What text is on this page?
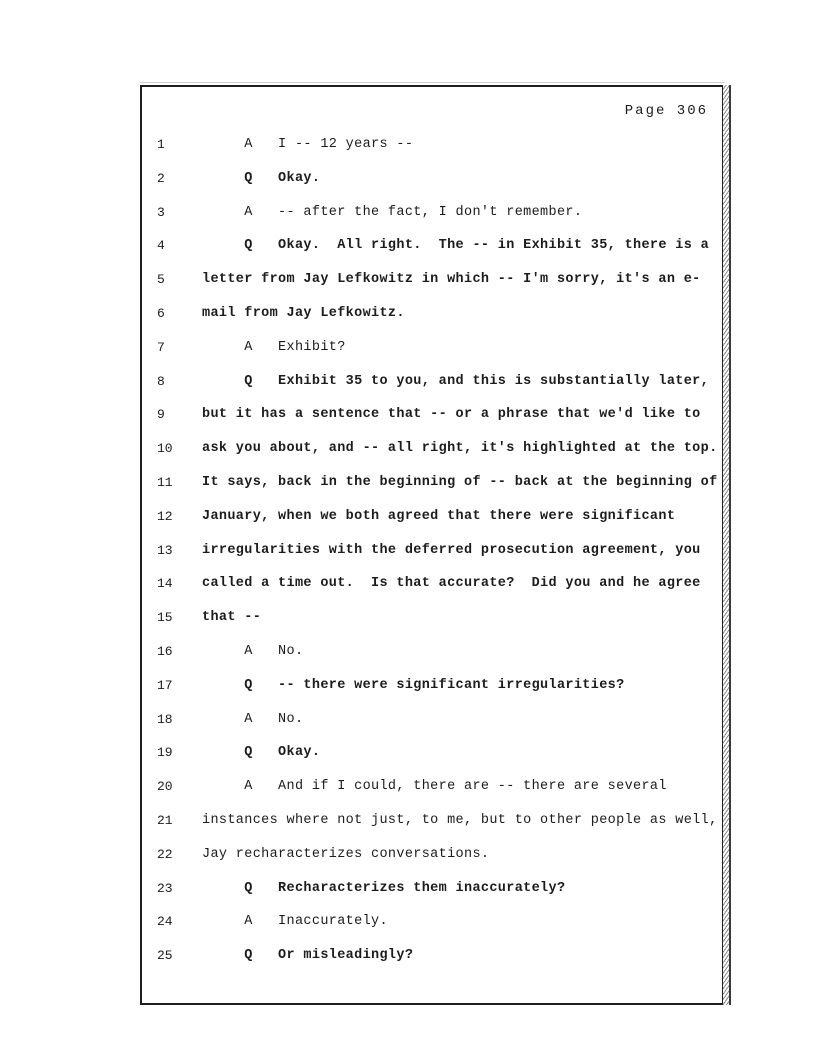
Page 306
1	A   I -- 12 years --
2	Q   Okay.
3	A   -- after the fact, I don't remember.
4	Q   Okay.  All right.  The -- in Exhibit 35, there is a
5	letter from Jay Lefkowitz in which -- I'm sorry, it's an e-
6	mail from Jay Lefkowitz.
7	A   Exhibit?
8	Q   Exhibit 35 to you, and this is substantially later,
9	but it has a sentence that -- or a phrase that we'd like to
10	ask you about, and -- all right, it's highlighted at the top.
11	It says, back in the beginning of -- back at the beginning of
12	January, when we both agreed that there were significant
13	irregularities with the deferred prosecution agreement, you
14	called a time out.  Is that accurate?  Did you and he agree
15	that --
16	A   No.
17	Q   -- there were significant irregularities?
18	A   No.
19	Q   Okay.
20	A   And if I could, there are -- there are several
21	instances where not just, to me, but to other people as well,
22	Jay recharacterizes conversations.
23	Q   Recharacterizes them inaccurately?
24	A   Inaccurately.
25	Q   Or misleadingly?
